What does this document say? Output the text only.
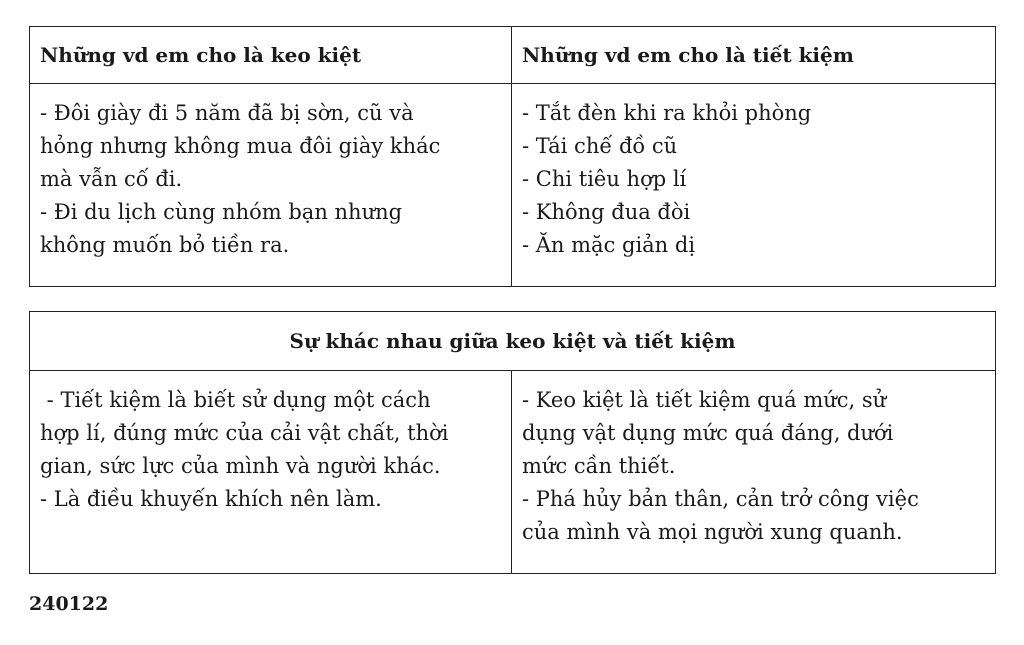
Những vd em cho là keo kiệt	Những vd em cho là tiết kiệm

- Đôi giày đi 5 năm đã bị sờn, cũ và
hỏng nhưng không mua đôi giày khác
mà vẫn cố đi.
- Đi du lịch cùng nhóm bạn nhưng
không muốn bỏ tiền ra.	- Tắt đèn khi ra khỏi phòng
- Tái chế đồ cũ
- Chi tiêu hợp lí
- Không đua đòi
- Ăn mặc giản dị
Sự khác nhau giữa keo kiệt và tiết kiệm

- Tiết kiệm là biết sử dụng một cách
hợp lí, đúng mức của cải vật chất, thời
gian, sức lực của mình và người khác.
- Là điều khuyến khích nên làm.

- Keo kiệt là tiết kiệm quá mức, sử
dụng vật dụng mức quá đáng, dưới
mức cần thiết.
- Phá hủy bản thân, cản trở công việc
của mình và mọi người xung quanh.
240122
